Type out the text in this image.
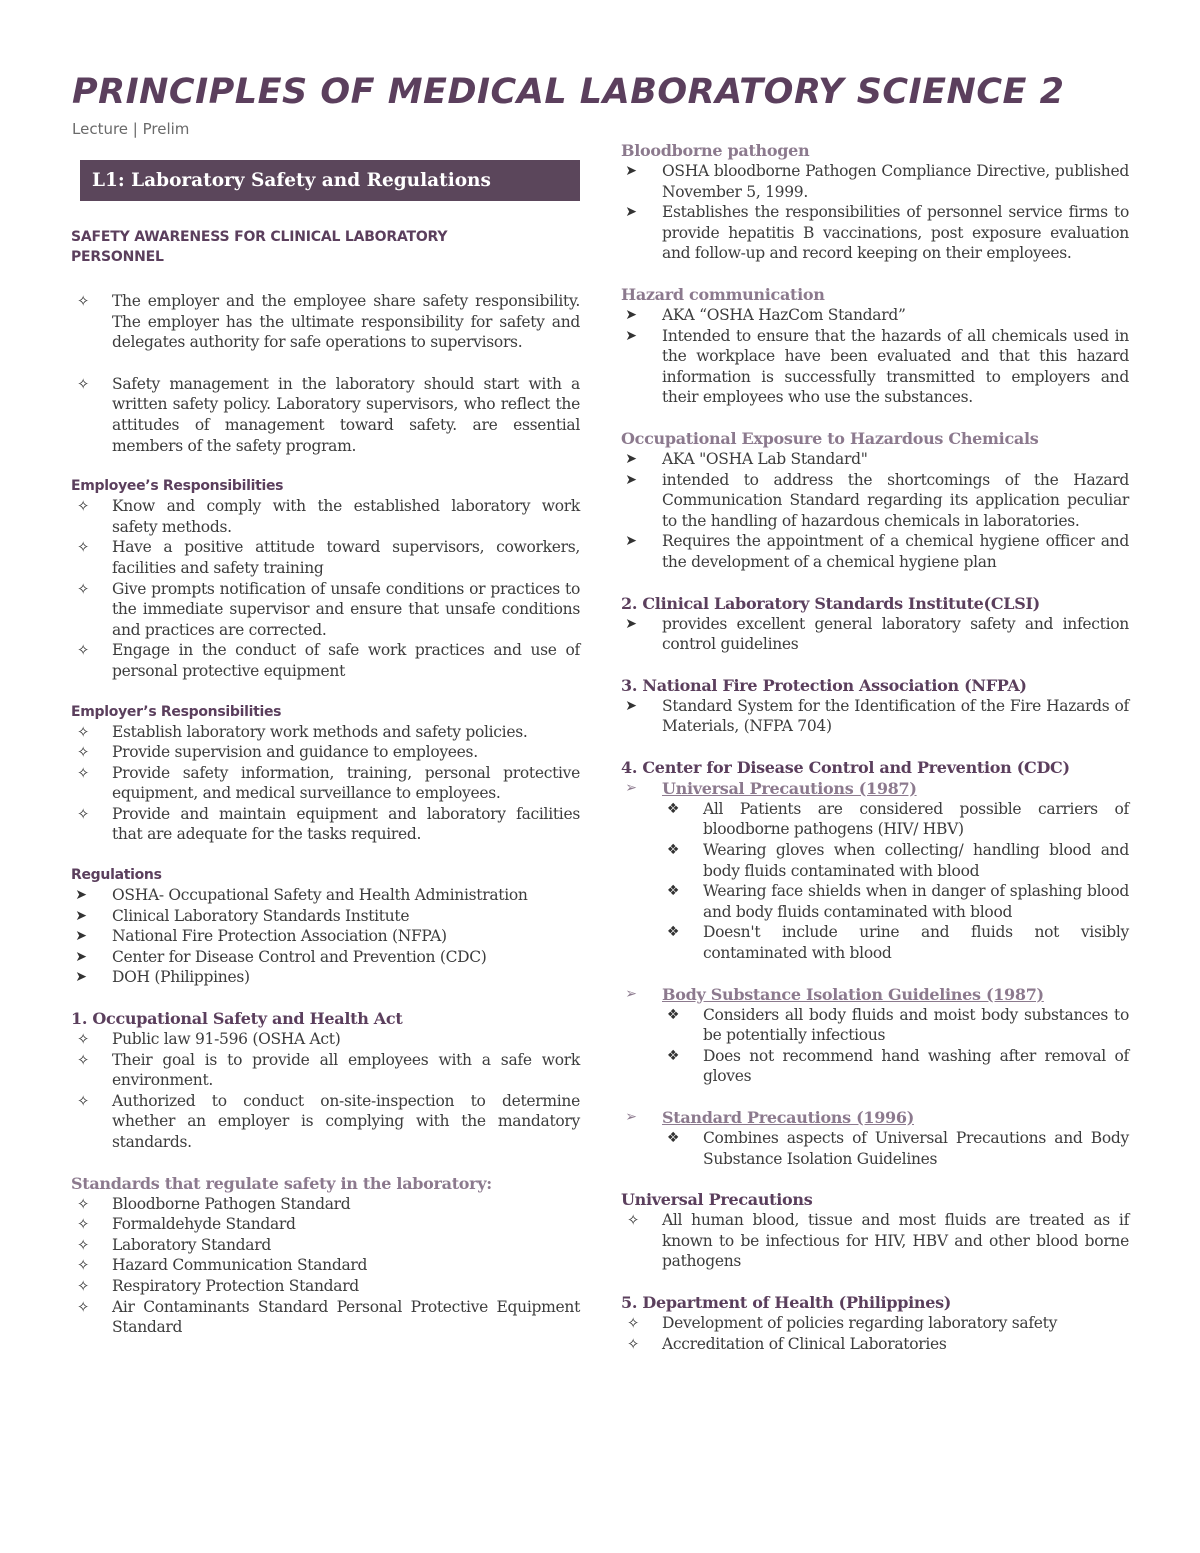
PRINCIPLES OF MEDICAL LABORATORY SCIENCE 2
Lecture | Prelim
L1: Laboratory Safety and Regulations
SAFETY AWARENESS FOR CLINICAL LABORATORY PERSONNEL
✧ The employer and the employee share safety responsibility. The employer has the ultimate responsibility for safety and delegates authority for safe operations to supervisors.
✧ Safety management in the laboratory should start with a written safety policy. Laboratory supervisors, who reflect the attitudes of management toward safety. are essential members of the safety program.
Employee’s Responsibilities
✧ Know and comply with the established laboratory work safety methods.
✧ Have a positive attitude toward supervisors, coworkers, facilities and safety training
✧ Give prompts notification of unsafe conditions or practices to the immediate supervisor and ensure that unsafe conditions and practices are corrected.
✧ Engage in the conduct of safe work practices and use of personal protective equipment
Employer’s Responsibilities
✧ Establish laboratory work methods and safety policies.
✧ Provide supervision and guidance to employees.
✧ Provide safety information, training, personal protective equipment, and medical surveillance to employees.
✧ Provide and maintain equipment and laboratory facilities that are adequate for the tasks required.
Regulations
➤ OSHA- Occupational Safety and Health Administration
➤ Clinical Laboratory Standards Institute
➤ National Fire Protection Association (NFPA)
➤ Center for Disease Control and Prevention (CDC)
➤ DOH (Philippines)
1. Occupational Safety and Health Act
✧ Public law 91-596 (OSHA Act)
✧ Their goal is to provide all employees with a safe work environment.
✧ Authorized to conduct on-site-inspection to determine whether an employer is complying with the mandatory standards.
Standards that regulate safety in the laboratory:
✧ Bloodborne Pathogen Standard
✧ Formaldehyde Standard
✧ Laboratory Standard
✧ Hazard Communication Standard
✧ Respiratory Protection Standard
✧ Air Contaminants Standard Personal Protective Equipment Standard
Bloodborne pathogen
➤ OSHA bloodborne Pathogen Compliance Directive, published November 5, 1999.
➤ Establishes the responsibilities of personnel service firms to provide hepatitis B vaccinations, post exposure evaluation and follow-up and record keeping on their employees.
Hazard communication
➤ AKA “OSHA HazCom Standard”
➤ Intended to ensure that the hazards of all chemicals used in the workplace have been evaluated and that this hazard information is successfully transmitted to employers and their employees who use the substances.
Occupational Exposure to Hazardous Chemicals
➤ AKA "OSHA Lab Standard"
➤ intended to address the shortcomings of the Hazard Communication Standard regarding its application peculiar to the handling of hazardous chemicals in laboratories.
➤ Requires the appointment of a chemical hygiene officer and the development of a chemical hygiene plan
2. Clinical Laboratory Standards Institute(CLSI)
➤ provides excellent general laboratory safety and infection control guidelines
3. National Fire Protection Association (NFPA)
➤ Standard System for the Identification of the Fire Hazards of Materials, (NFPA 704)
4. Center for Disease Control and Prevention (CDC)
➢ Universal Precautions (1987)
❖ All Patients are considered possible carriers of bloodborne pathogens (HIV/ HBV)
❖ Wearing gloves when collecting/ handling blood and body fluids contaminated with blood
❖ Wearing face shields when in danger of splashing blood and body fluids contaminated with blood
❖ Doesn't include urine and fluids not visibly contaminated with blood
➢ Body Substance Isolation Guidelines (1987)
❖ Considers all body fluids and moist body substances to be potentially infectious
❖ Does not recommend hand washing after removal of gloves
➢ Standard Precautions (1996)
❖ Combines aspects of Universal Precautions and Body Substance Isolation Guidelines
Universal Precautions
✧ All human blood, tissue and most fluids are treated as if known to be infectious for HIV, HBV and other blood borne pathogens
5. Department of Health (Philippines)
✧ Development of policies regarding laboratory safety
✧ Accreditation of Clinical Laboratories
